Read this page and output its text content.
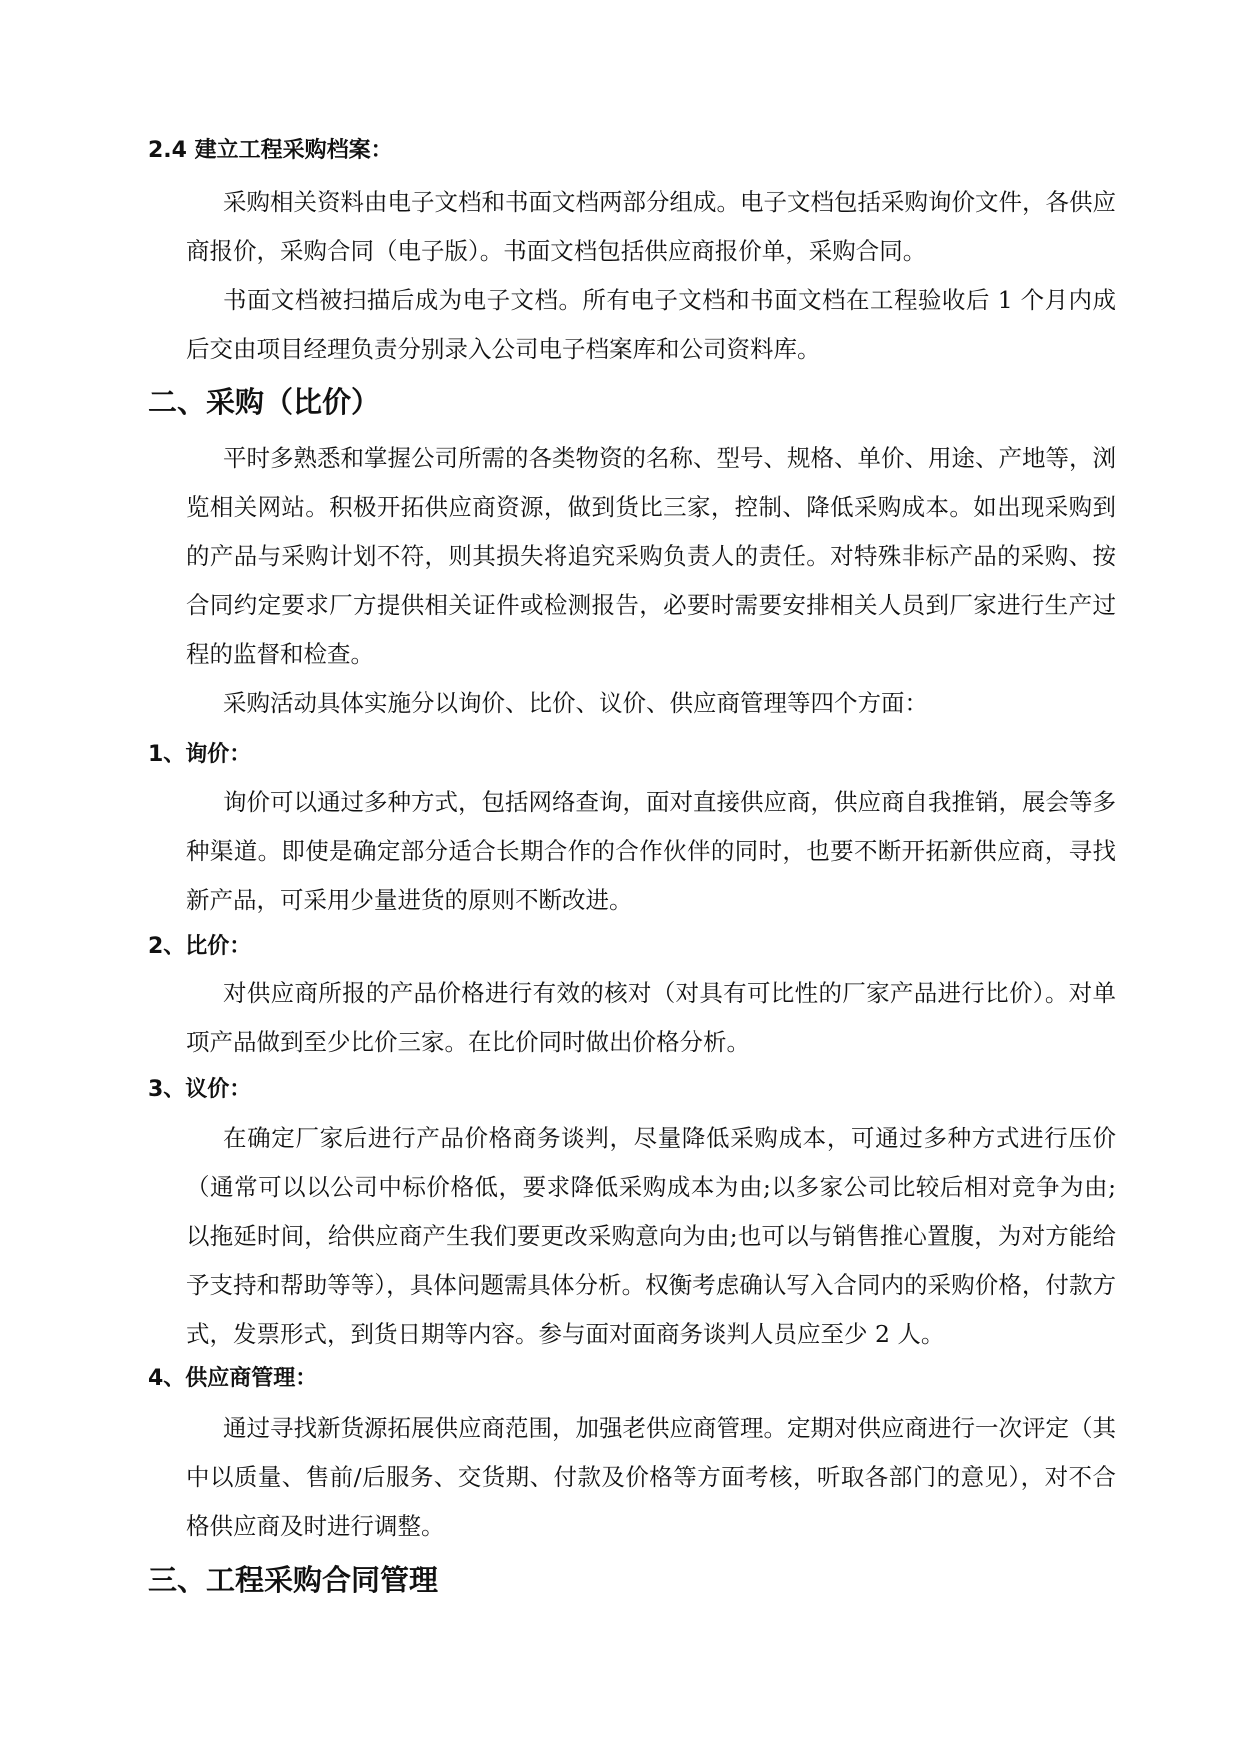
2.4 建立工程采购档案：

采购相关资料由电子文档和书面文档两部分组成。电子文档包括采购询价文件，各供应商报价，采购合同（电子版）。书面文档包括供应商报价单，采购合同。

书面文档被扫描后成为电子文档。所有电子文档和书面文档在工程验收后 1 个月内成后交由项目经理负责分别录入公司电子档案库和公司资料库。

二、采购（比价）

平时多熟悉和掌握公司所需的各类物资的名称、型号、规格、单价、用途、产地等，浏览相关网站。积极开拓供应商资源，做到货比三家，控制、降低采购成本。如出现采购到的产品与采购计划不符，则其损失将追究采购负责人的责任。对特殊非标产品的采购、按合同约定要求厂方提供相关证件或检测报告，必要时需要安排相关人员到厂家进行生产过程的监督和检查。

采购活动具体实施分以询价、比价、议价、供应商管理等四个方面：

1、询价：

询价可以通过多种方式，包括网络查询，面对直接供应商，供应商自我推销，展会等多种渠道。即使是确定部分适合长期合作的合作伙伴的同时，也要不断开拓新供应商，寻找新产品，可采用少量进货的原则不断改进。

2、比价：

对供应商所报的产品价格进行有效的核对（对具有可比性的厂家产品进行比价）。对单项产品做到至少比价三家。在比价同时做出价格分析。

3、议价：

在确定厂家后进行产品价格商务谈判，尽量降低采购成本，可通过多种方式进行压价（通常可以以公司中标价格低，要求降低采购成本为由;以多家公司比较后相对竞争为由;以拖延时间，给供应商产生我们要更改采购意向为由;也可以与销售推心置腹，为对方能给予支持和帮助等等），具体问题需具体分析。权衡考虑确认写入合同内的采购价格，付款方式，发票形式，到货日期等内容。参与面对面商务谈判人员应至少 2 人。

4、供应商管理：

通过寻找新货源拓展供应商范围，加强老供应商管理。定期对供应商进行一次评定（其中以质量、售前/后服务、交货期、付款及价格等方面考核，听取各部门的意见），对不合格供应商及时进行调整。

三、工程采购合同管理
